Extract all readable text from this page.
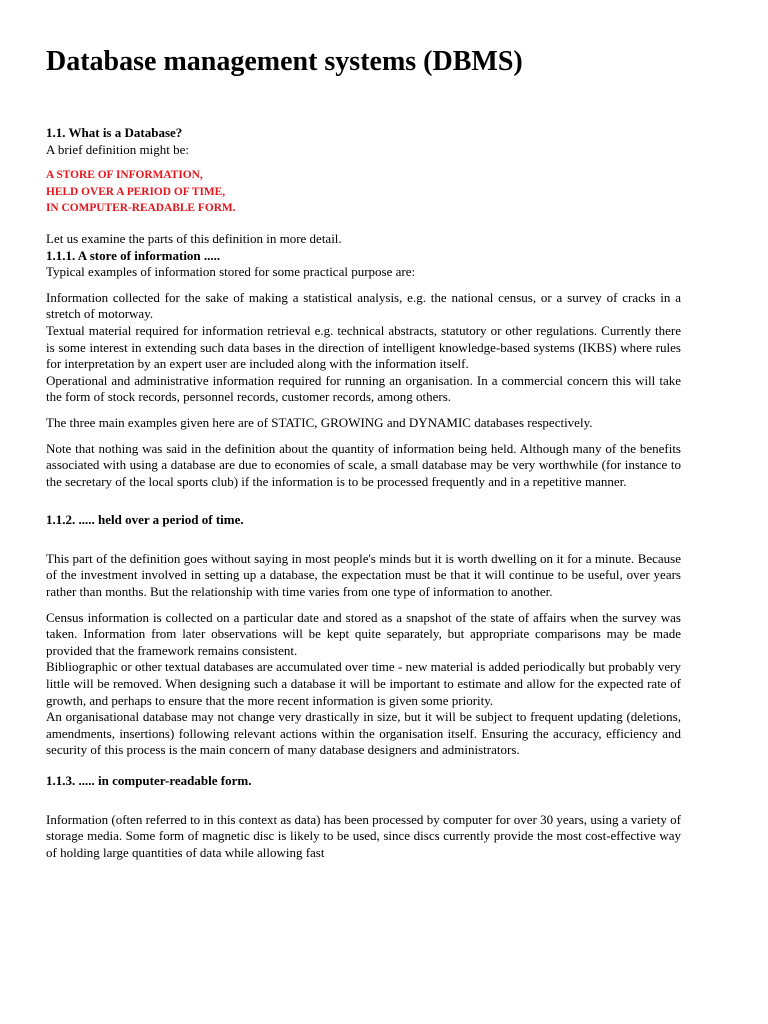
Database management systems (DBMS)

1.1. What is a Database?

A brief definition might be:

A STORE OF INFORMATION,

HELD OVER A PERIOD OF TIME,

IN COMPUTER-READABLE FORM.

Let us examine the parts of this definition in more detail.

1.1.1. A store of information .....

Typical examples of information stored for some practical purpose are:

Information collected for the sake of making a statistical analysis, e.g. the national census, or a survey of cracks in a stretch of motorway.

Textual material required for information retrieval e.g. technical abstracts, statutory or other regulations. Currently there is some interest in extending such data bases in the direction of intelligent knowledge-based systems (IKBS) where rules for interpretation by an expert user are included along with the information itself.

Operational and administrative information required for running an organisation. In a commercial concern this will take the form of stock records, personnel records, customer records, among others.

The three main examples given here are of STATIC, GROWING and DYNAMIC databases respectively.

Note that nothing was said in the definition about the quantity of information being held. Although many of the benefits associated with using a database are due to economies of scale, a small database may be very worthwhile (for instance to the secretary of the local sports club) if the information is to be processed frequently and in a repetitive manner.

1.1.2. ..... held over a period of time.

This part of the definition goes without saying in most people's minds but it is worth dwelling on it for a minute. Because of the investment involved in setting up a database, the expectation must be that it will continue to be useful, over years rather than months. But the relationship with time varies from one type of information to another.

Census information is collected on a particular date and stored as a snapshot of the state of affairs when the survey was taken. Information from later observations will be kept quite separately, but appropriate comparisons may be made provided that the framework remains consistent.

Bibliographic or other textual databases are accumulated over time - new material is added periodically but probably very little will be removed. When designing such a database it will be important to estimate and allow for the expected rate of growth, and perhaps to ensure that the more recent information is given some priority.

An organisational database may not change very drastically in size, but it will be subject to frequent updating (deletions, amendments, insertions) following relevant actions within the organisation itself. Ensuring the accuracy, efficiency and security of this process is the main concern of many database designers and administrators.

1.1.3. ..... in computer-readable form.

Information (often referred to in this context as data) has been processed by computer for over 30 years, using a variety of storage media. Some form of magnetic disc is likely to be used, since discs currently provide the most cost-effective way of holding large quantities of data while allowing fast
